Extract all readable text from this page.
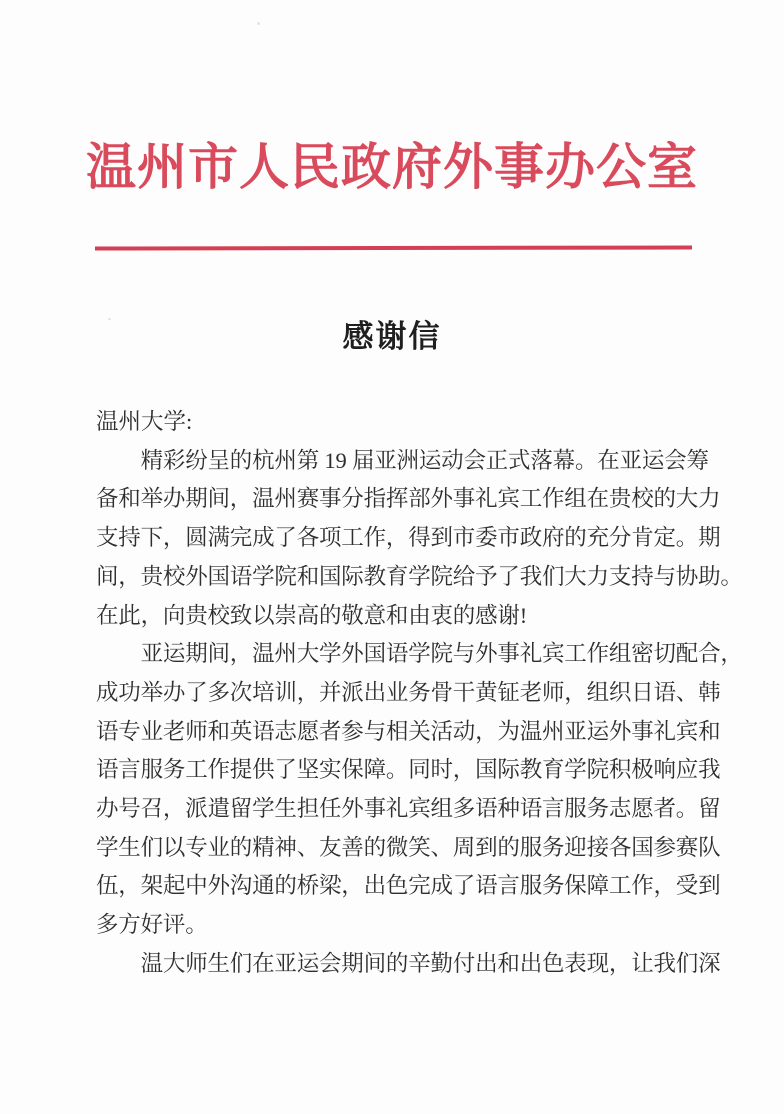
温州市人民政府外事办公室
感谢信
温州大学:
　　精彩纷呈的杭州第 19 届亚洲运动会正式落幕。在亚运会筹
备和举办期间，温州赛事分指挥部外事礼宾工作组在贵校的大力
支持下，圆满完成了各项工作，得到市委市政府的充分肯定。期
间，贵校外国语学院和国际教育学院给予了我们大力支持与协助。
在此，向贵校致以崇高的敬意和由衷的感谢!
　　亚运期间，温州大学外国语学院与外事礼宾工作组密切配合，
成功举办了多次培训，并派出业务骨干黄钲老师，组织日语、韩
语专业老师和英语志愿者参与相关活动，为温州亚运外事礼宾和
语言服务工作提供了坚实保障。同时，国际教育学院积极响应我
办号召，派遣留学生担任外事礼宾组多语种语言服务志愿者。留
学生们以专业的精神、友善的微笑、周到的服务迎接各国参赛队
伍，架起中外沟通的桥梁，出色完成了语言服务保障工作，受到
多方好评。
　　温大师生们在亚运会期间的辛勤付出和出色表现，让我们深
